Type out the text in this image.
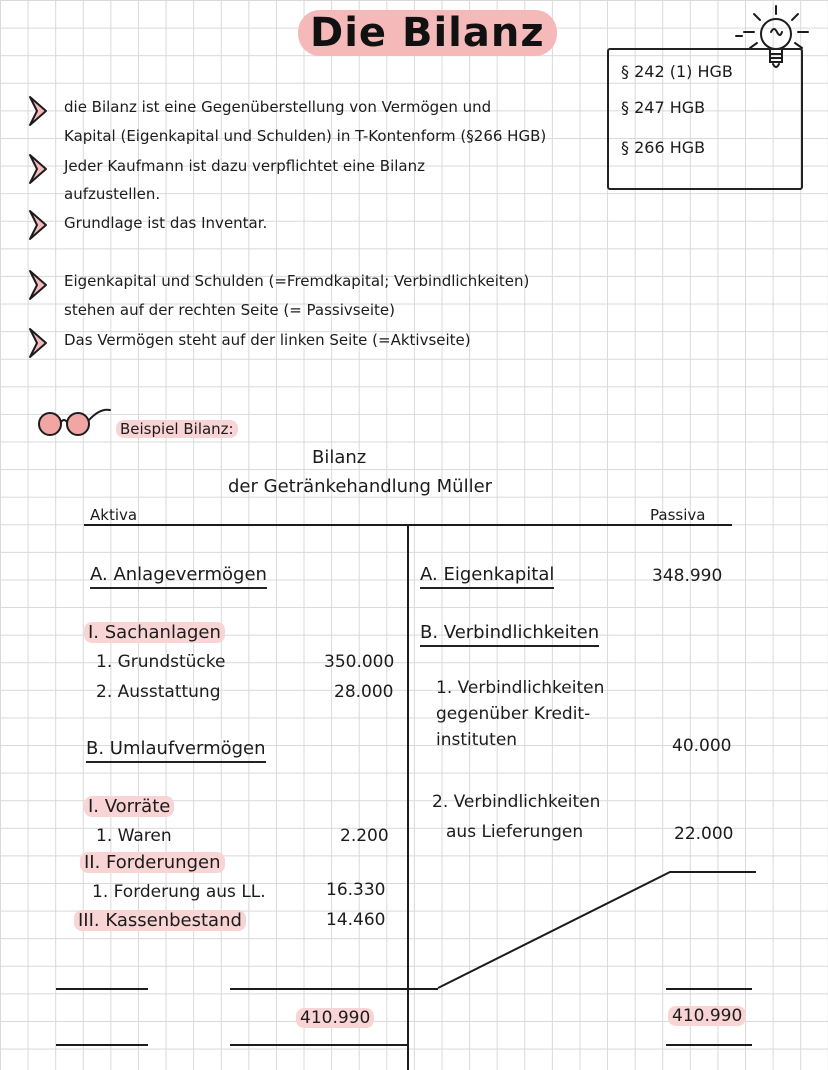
Die Bilanz
§ 242 (1) HGB
§ 247 HGB
§ 266 HGB
die Bilanz ist eine Gegenüberstellung von Vermögen und
Kapital (Eigenkapital und Schulden) in T-Kontenform (§266 HGB)
Jeder Kaufmann ist dazu verpflichtet eine Bilanz
aufzustellen.
Grundlage ist das Inventar.
Eigenkapital und Schulden (=Fremdkapital; Verbindlichkeiten)
stehen auf der rechten Seite (= Passivseite)
Das Vermögen steht auf der linken Seite (=Aktivseite)
Beispiel Bilanz:
Bilanz
der Getränkehandlung Müller
Aktiva	Passiva
A. Anlagevermögen
I. Sachanlagen
1. Grundstücke	350.000
2. Ausstattung	28.000
B. Umlaufvermögen
I. Vorräte
1. Waren	2.200
II. Forderungen
1. Forderung aus LL.	16.330
III. Kassenbestand	14.460
410.990
A. Eigenkapital	348.990
B. Verbindlichkeiten
1. Verbindlichkeiten
gegenüber Kredit-
instituten	40.000
2. Verbindlichkeiten
aus Lieferungen	22.000
410.990
